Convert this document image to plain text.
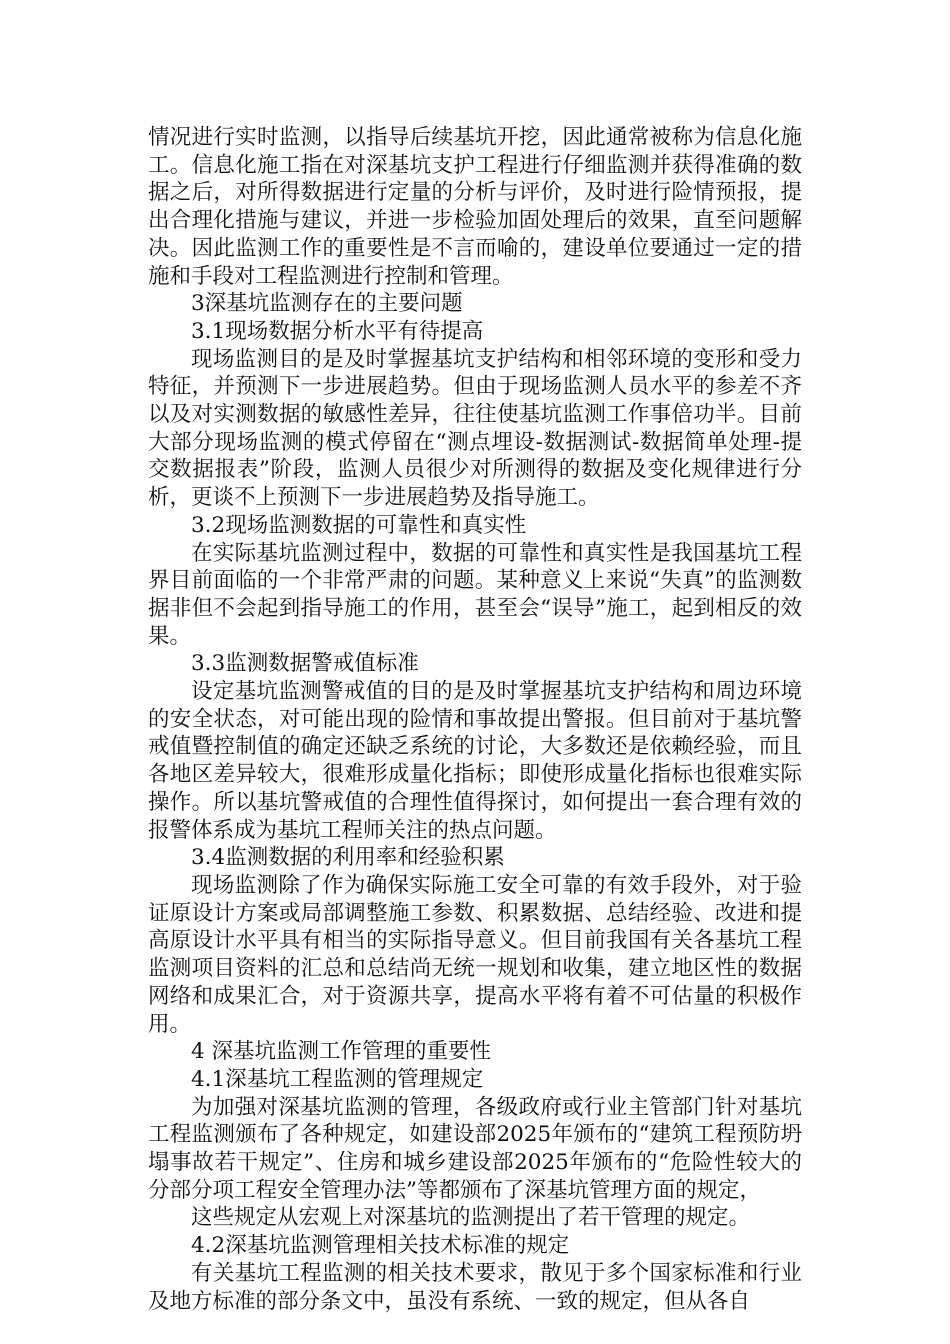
情况进行实时监测，以指导后续基坑开挖，因此通常被称为信息化施工。信息化施工指在对深基坑支护工程进行仔细监测并获得准确的数据之后，对所得数据进行定量的分析与评价，及时进行险情预报，提出合理化措施与建议，并进一步检验加固处理后的效果，直至问题解决。因此监测工作的重要性是不言而喻的，建设单位要通过一定的措施和手段对工程监测进行控制和管理。

3深基坑监测存在的主要问题

3.1现场数据分析水平有待提高

现场监测目的是及时掌握基坑支护结构和相邻环境的变形和受力特征，并预测下一步进展趋势。但由于现场监测人员水平的参差不齐以及对实测数据的敏感性差异，往往使基坑监测工作事倍功半。目前大部分现场监测的模式停留在“测点埋设-数据测试-数据简单处理-提交数据报表”阶段，监测人员很少对所测得的数据及变化规律进行分析，更谈不上预测下一步进展趋势及指导施工。

3.2现场监测数据的可靠性和真实性

在实际基坑监测过程中，数据的可靠性和真实性是我国基坑工程界目前面临的一个非常严肃的问题。某种意义上来说“失真”的监测数据非但不会起到指导施工的作用，甚至会“误导”施工，起到相反的效果。

3.3监测数据警戒值标准

设定基坑监测警戒值的目的是及时掌握基坑支护结构和周边环境的安全状态，对可能出现的险情和事故提出警报。但目前对于基坑警戒值暨控制值的确定还缺乏系统的讨论，大多数还是依赖经验，而且各地区差异较大，很难形成量化指标；即使形成量化指标也很难实际操作。所以基坑警戒值的合理性值得探讨，如何提出一套合理有效的报警体系成为基坑工程师关注的热点问题。

3.4监测数据的利用率和经验积累

现场监测除了作为确保实际施工安全可靠的有效手段外，对于验证原设计方案或局部调整施工参数、积累数据、总结经验、改进和提高原设计水平具有相当的实际指导意义。但目前我国有关各基坑工程监测项目资料的汇总和总结尚无统一规划和收集，建立地区性的数据网络和成果汇合，对于资源共享，提高水平将有着不可估量的积极作用。

4 深基坑监测工作管理的重要性

4.1深基坑工程监测的管理规定

为加强对深基坑监测的管理，各级政府或行业主管部门针对基坑工程监测颁布了各种规定，如建设部2025年颁布的“建筑工程预防坍塌事故若干规定”、住房和城乡建设部2025年颁布的“危险性较大的分部分项工程安全管理办法”等都颁布了深基坑管理方面的规定，

这些规定从宏观上对深基坑的监测提出了若干管理的规定。

4.2深基坑监测管理相关技术标准的规定

有关基坑工程监测的相关技术要求，散见于多个国家标准和行业及地方标准的部分条文中，虽没有系统、一致的规定，但从各自
